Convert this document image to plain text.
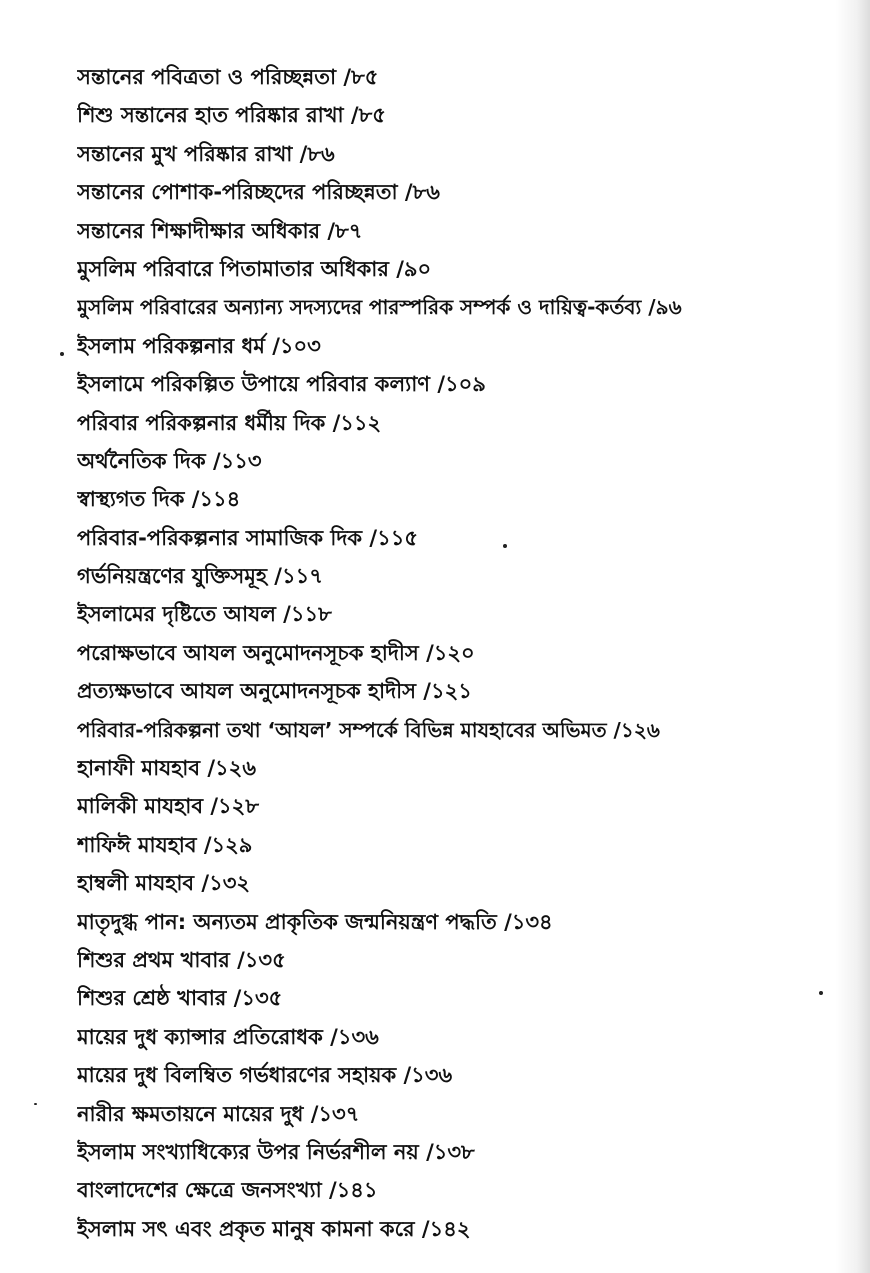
সন্তানের পবিত্রতা ও পরিচ্ছন্নতা /৮৫
শিশু সন্তানের হাত পরিষ্কার রাখা /৮৫
সন্তানের মুখ পরিষ্কার রাখা /৮৬
সন্তানের পোশাক-পরিচ্ছদের পরিচ্ছন্নতা /৮৬
সন্তানের শিক্ষাদীক্ষার অধিকার /৮৭
মুসলিম পরিবারে পিতামাতার অধিকার /৯০
মুসলিম পরিবারের অন্যান্য সদস্যদের পারস্পরিক সম্পর্ক ও দায়িত্ব-কর্তব্য /৯৬
ইসলাম পরিকল্পনার ধর্ম /১০৩
ইসলামে পরিকল্পিত উপায়ে পরিবার কল্যাণ /১০৯
পরিবার পরিকল্পনার ধর্মীয় দিক /১১২
অর্থনৈতিক দিক /১১৩
স্বাস্থ্যগত দিক /১১৪
পরিবার-পরিকল্পনার সামাজিক দিক /১১৫
গর্ভনিয়ন্ত্রণের যুক্তিসমূহ /১১৭
ইসলামের দৃষ্টিতে আযল /১১৮
পরোক্ষভাবে আযল অনুমোদনসূচক হাদীস /১২০
প্রত্যক্ষভাবে আযল অনুমোদনসূচক হাদীস /১২১
পরিবার-পরিকল্পনা তথা ‘আযল’ সম্পর্কে বিভিন্ন মাযহাবের অভিমত /১২৬
হানাফী মাযহাব /১২৬
মালিকী মাযহাব /১২৮
শাফিঈ মাযহাব /১২৯
হাম্বলী মাযহাব /১৩২
মাতৃদুগ্ধ পান: অন্যতম প্রাকৃতিক জন্মনিয়ন্ত্রণ পদ্ধতি /১৩৪
শিশুর প্রথম খাবার /১৩৫
শিশুর শ্রেষ্ঠ খাবার /১৩৫
মায়ের দুধ ক্যান্সার প্রতিরোধক /১৩৬
মায়ের দুধ বিলম্বিত গর্ভধারণের সহায়ক /১৩৬
নারীর ক্ষমতায়নে মায়ের দুধ /১৩৭
ইসলাম সংখ্যাধিক্যের উপর নির্ভরশীল নয় /১৩৮
বাংলাদেশের ক্ষেত্রে জনসংখ্যা /১৪১
ইসলাম সৎ এবং প্রকৃত মানুষ কামনা করে /১৪২
